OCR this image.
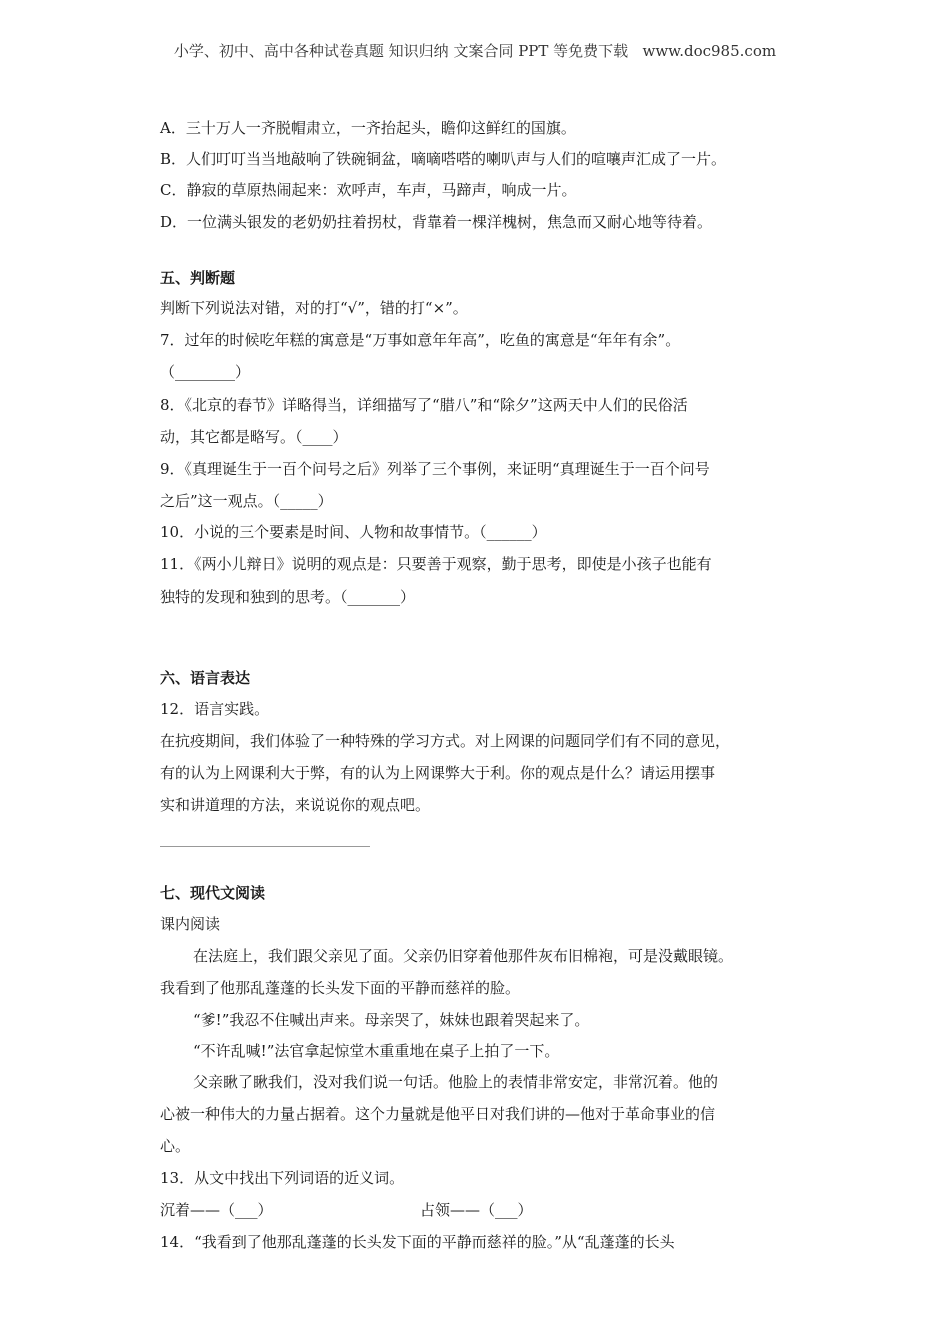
小学、初中、高中各种试卷真题 知识归纳 文案合同 PPT 等免费下载   www.doc985.com
A．三十万人一齐脱帽肃立，一齐抬起头，瞻仰这鲜红的国旗。
B．人们叮叮当当地敲响了铁碗铜盆，嘀嘀嗒嗒的喇叭声与人们的喧嚷声汇成了一片。
C．静寂的草原热闹起来：欢呼声，车声，马蹄声，响成一片。
D．一位满头银发的老奶奶拄着拐杖，背靠着一棵洋槐树，焦急而又耐心地等待着。
五、判断题
判断下列说法对错，对的打“√”，错的打“×”。
7．过年的时候吃年糕的寓意是“万事如意年年高”，吃鱼的寓意是“年年有余”。
（________）
8．《北京的春节》详略得当，详细描写了“腊八”和“除夕”这两天中人们的民俗活
动，其它都是略写。（____）
9．《真理诞生于一百个问号之后》列举了三个事例，来证明“真理诞生于一百个问号
之后”这一观点。（_____）
10．小说的三个要素是时间、人物和故事情节。（______）
11．《两小儿辩日》说明的观点是：只要善于观察，勤于思考，即使是小孩子也能有
独特的发现和独到的思考。（_______）
六、语言表达
12．语言实践。
在抗疫期间，我们体验了一种特殊的学习方式。对上网课的问题同学们有不同的意见，
有的认为上网课利大于弊，有的认为上网课弊大于利。你的观点是什么？请运用摆事
实和讲道理的方法，来说说你的观点吧。
七、现代文阅读
课内阅读
在法庭上，我们跟父亲见了面。父亲仍旧穿着他那件灰布旧棉袍，可是没戴眼镜。
我看到了他那乱蓬蓬的长头发下面的平静而慈祥的脸。
“爹!”我忍不住喊出声来。母亲哭了，妹妹也跟着哭起来了。
“不许乱喊!”法官拿起惊堂木重重地在桌子上拍了一下。
父亲瞅了瞅我们，没对我们说一句话。他脸上的表情非常安定，非常沉着。他的
心被一种伟大的力量占据着。这个力量就是他平日对我们讲的—他对于革命事业的信
心。
13．从文中找出下列词语的近义词。
沉着——（___）	占领——（___）
14．“我看到了他那乱蓬蓬的长头发下面的平静而慈祥的脸。”从“乱蓬蓬的长头
